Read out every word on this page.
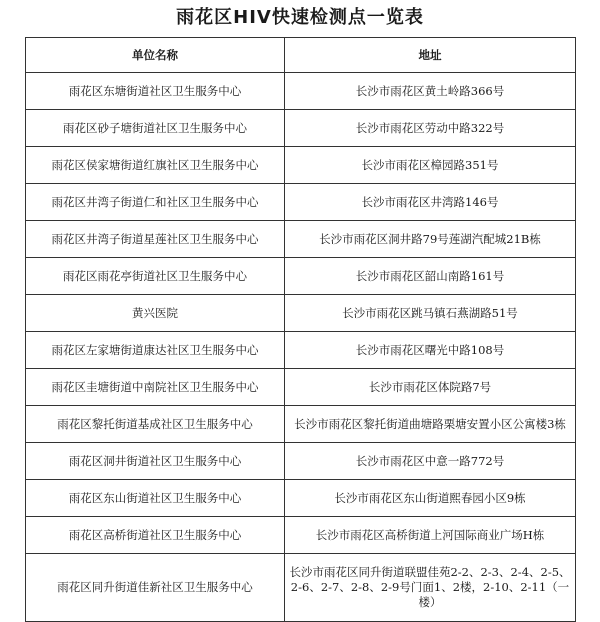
雨花区HIV快速检测点一览表
单位名称	地址
雨花区东塘街道社区卫生服务中心	长沙市雨花区黄土岭路366号
雨花区砂子塘街道社区卫生服务中心	长沙市雨花区劳动中路322号
雨花区侯家塘街道红旗社区卫生服务中心	长沙市雨花区樟园路351号
雨花区井湾子街道仁和社区卫生服务中心	长沙市雨花区井湾路146号
雨花区井湾子街道星莲社区卫生服务中心	长沙市雨花区洞井路79号莲湖汽配城21B栋
雨花区雨花亭街道社区卫生服务中心	长沙市雨花区韶山南路161号
黄兴医院	长沙市雨花区跳马镇石燕湖路51号
雨花区左家塘街道康达社区卫生服务中心	长沙市雨花区曙光中路108号
雨花区圭塘街道中南院社区卫生服务中心	长沙市雨花区体院路7号
雨花区黎托街道基成社区卫生服务中心	长沙市雨花区黎托街道曲塘路栗塘安置小区公寓楼3栋
雨花区洞井街道社区卫生服务中心	长沙市雨花区中意一路772号
雨花区东山街道社区卫生服务中心	长沙市雨花区东山街道熙春园小区9栋
雨花区高桥街道社区卫生服务中心	长沙市雨花区高桥街道上河国际商业广场H栋
雨花区同升街道佳新社区卫生服务中心	长沙市雨花区同升街道联盟佳苑2-2、2-3、2-4、2-5、2-6、2-7、2-8、2-9号门面1、2楼，2-10、2-11（一楼）
